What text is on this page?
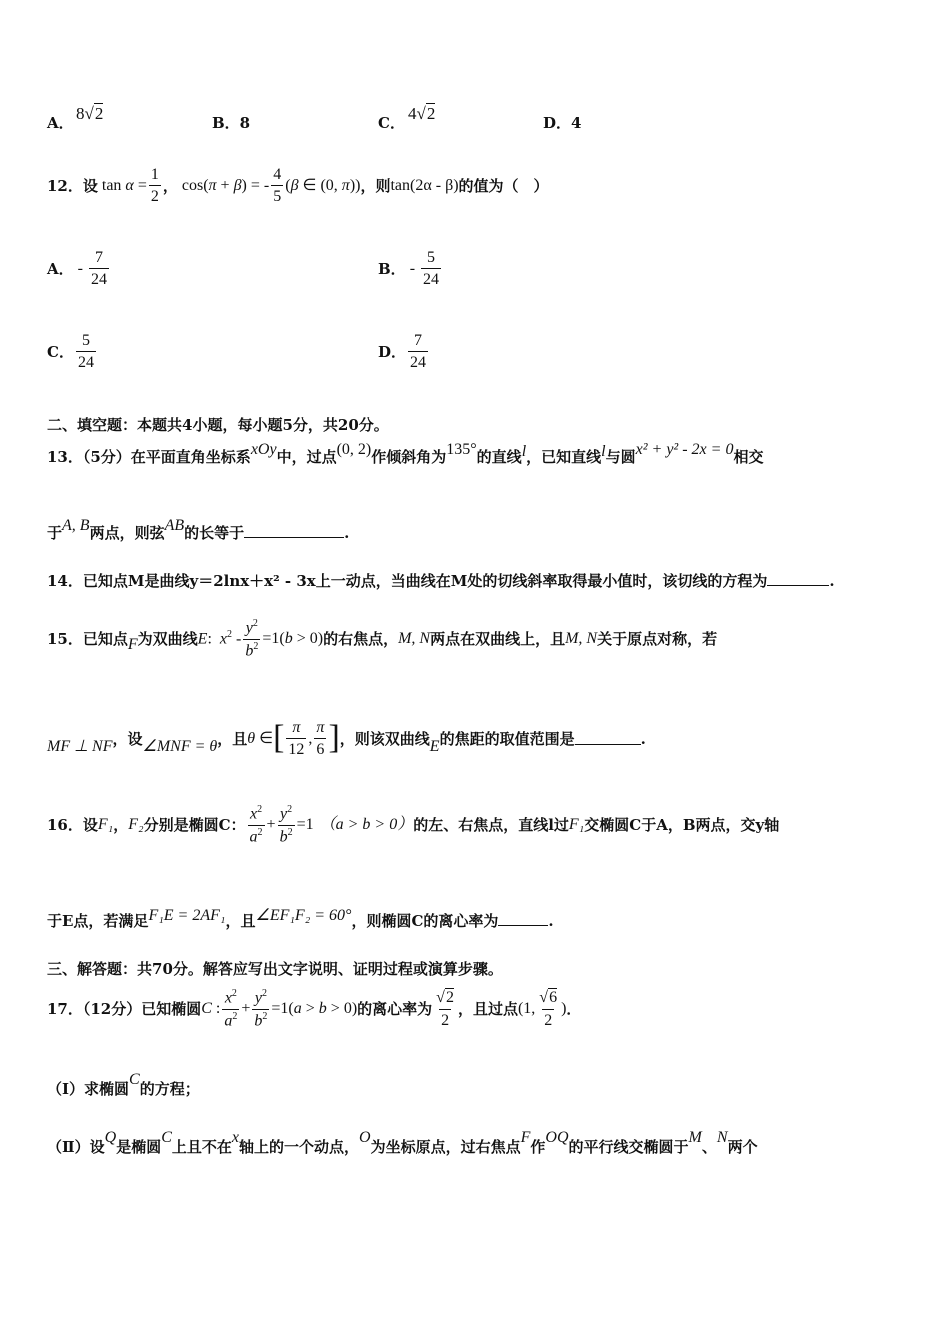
A． 8√2	B．8	C． 4√2	D．4
12．设 $\tan \alpha = \frac{1}{2}$ ， cos(π + β) = - $\frac{4}{5} (\beta$ ∈ (0, π)) ，则 tan(2α - β) 的值为（　）
A． - $\frac{7}{24}$	B． - $\frac{5}{24}$
C． $\frac{5}{24}$	D． $\frac{7}{24}$
二、填空题：本题共4小题，每小题5分，共20分。
13．（5分）在平面直角坐标系xOy中，过点(0, 2)作倾斜角为135°的直线l，已知直线l与圆x² + y² - 2x = 0相交
于A, B两点，则弦AB的长等于	.
14．已知点M是曲线y＝2lnx＋x² - 3x上一动点，当曲线在M处的切线斜率取得最小值时，该切线的方程为	.
15．已知点 F 为双曲线 E:  $x^2 - \frac{y^2}{b^2} =1(b > 0)$ 的右焦点， M, N 两点在双曲线上，且 M, N 关于原点对称，若
MF ⊥ NF ，设 ∠MNF = θ ，且 θ ∈ [ $\frac{\pi}{12}$ , $\frac{\pi}{6}$ ] ，则该双曲线 E 的焦距的取值范围是	.
16．设 F₁ ， F₂ 分别是椭圆C： $\frac{x^2}{a^2} + \frac{y^2}{b^2} =1$ （a > b > 0） 的左、右焦点，直线l过 F₁ 交椭圆C于A，B两点，交y轴
于E点，若满足F₁E = 2AF₁，且∠EF₁F₂ = 60°，则椭圆C的离心率为	.
三、解答题：共70分。解答应写出文字说明、证明过程或演算步骤。
17．（12分）已知椭圆 C : $\frac{x^2}{a^2} + \frac{y^2}{b^2} =1(a > b > 0)$ 的离心率为 $\frac{√2}{2}$ ，且过点 (1, $\frac{√6}{2}$ ) ．
（Ⅰ）求椭圆C的方程；
（Ⅱ）设Q是椭圆C上且不在x轴上的一个动点，O为坐标原点，过右焦点F作OQ的平行线交椭圆于M、N两个
